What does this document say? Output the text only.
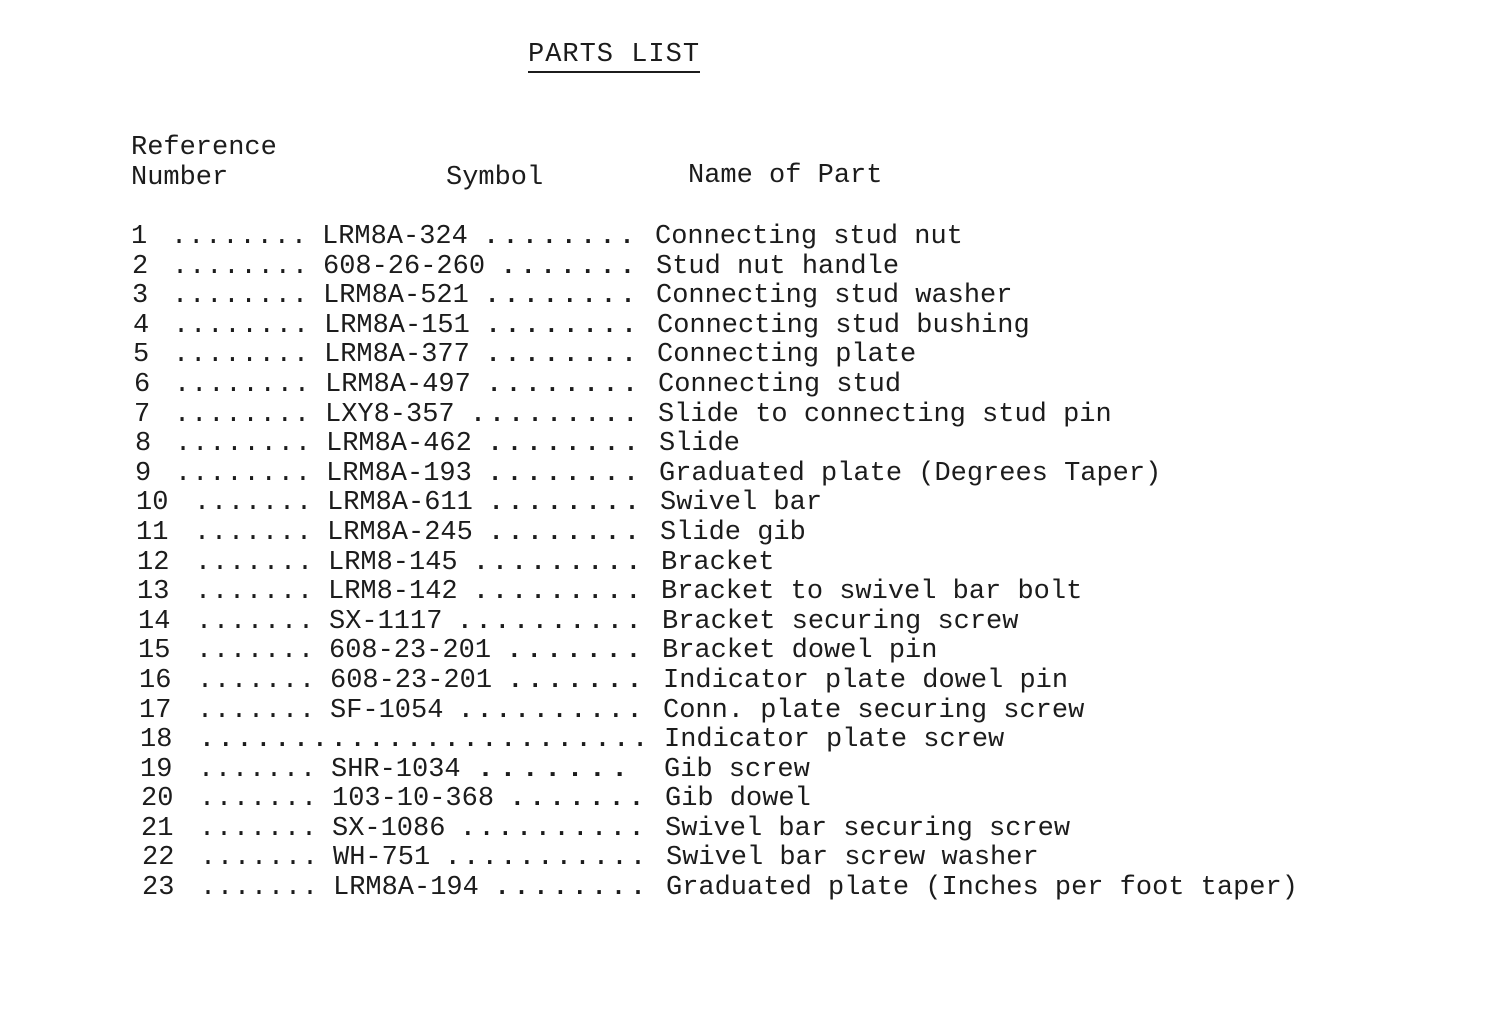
PARTS LIST
Reference
Number	Symbol	Name of Part
1 ........ LRM8A-324 ........ Connecting stud nut
2 ........ 608-26-260 ....... Stud nut handle
3 ........ LRM8A-521 ........ Connecting stud washer
4 ........ LRM8A-151 ........ Connecting stud bushing
5 ........ LRM8A-377 ........ Connecting plate
6 ........ LRM8A-497 ........ Connecting stud
7 ........ LXY8-357 ......... Slide to connecting stud pin
8 ........ LRM8A-462 ........ Slide
9 ........ LRM8A-193 ........ Graduated plate (Degrees Taper)
10 ....... LRM8A-611 ........ Swivel bar
11 ....... LRM8A-245 ........ Slide gib
12 ....... LRM8-145 ......... Bracket
13 ....... LRM8-142 ......... Bracket to swivel bar bolt
14 ....... SX-1117 .......... Bracket securing screw
15 ....... 608-23-201 ....... Bracket dowel pin
16 ....... 608-23-201 ....... Indicator plate dowel pin
17 ....... SF-1054 .......... Conn. plate securing screw
18 ........................ Indicator plate screw
19 ....... SHR-1034 ....... Gib screw
20 ....... 103-10-368 ....... Gib dowel
21 ....... SX-1086 .......... Swivel bar securing screw
22 ....... WH-751 ........... Swivel bar screw washer
23 ....... LRM8A-194 ........ Graduated plate (Inches per foot taper)
